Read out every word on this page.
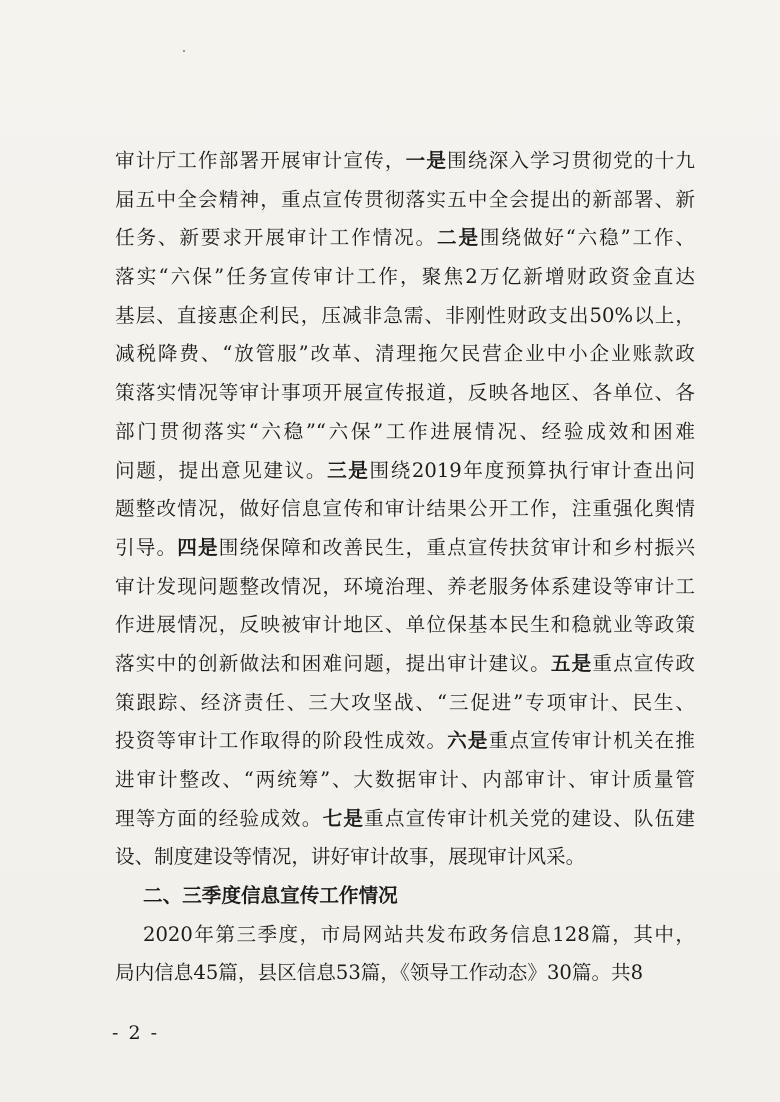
审计厅工作部署开展审计宣传，一是围绕深入学习贯彻党的十九
届五中全会精神，重点宣传贯彻落实五中全会提出的新部署、新
任务、新要求开展审计工作情况。二是围绕做好“六稳”工作、
落实“六保”任务宣传审计工作，聚焦2万亿新增财政资金直达
基层、直接惠企利民，压减非急需、非刚性财政支出50%以上，
减税降费、“放管服”改革、清理拖欠民营企业中小企业账款政
策落实情况等审计事项开展宣传报道，反映各地区、各单位、各
部门贯彻落实“六稳”“六保”工作进展情况、经验成效和困难
问题，提出意见建议。三是围绕2019年度预算执行审计查出问
题整改情况，做好信息宣传和审计结果公开工作，注重强化舆情
引导。四是围绕保障和改善民生，重点宣传扶贫审计和乡村振兴
审计发现问题整改情况，环境治理、养老服务体系建设等审计工
作进展情况，反映被审计地区、单位保基本民生和稳就业等政策
落实中的创新做法和困难问题，提出审计建议。五是重点宣传政
策跟踪、经济责任、三大攻坚战、“三促进”专项审计、民生、
投资等审计工作取得的阶段性成效。六是重点宣传审计机关在推
进审计整改、“两统筹”、大数据审计、内部审计、审计质量管
理等方面的经验成效。七是重点宣传审计机关党的建设、队伍建
设、制度建设等情况，讲好审计故事，展现审计风采。
二、三季度信息宣传工作情况
2020年第三季度，市局网站共发布政务信息128篇，其中，
局内信息45篇，县区信息53篇，《领导工作动态》30篇。共8
- 2 -
